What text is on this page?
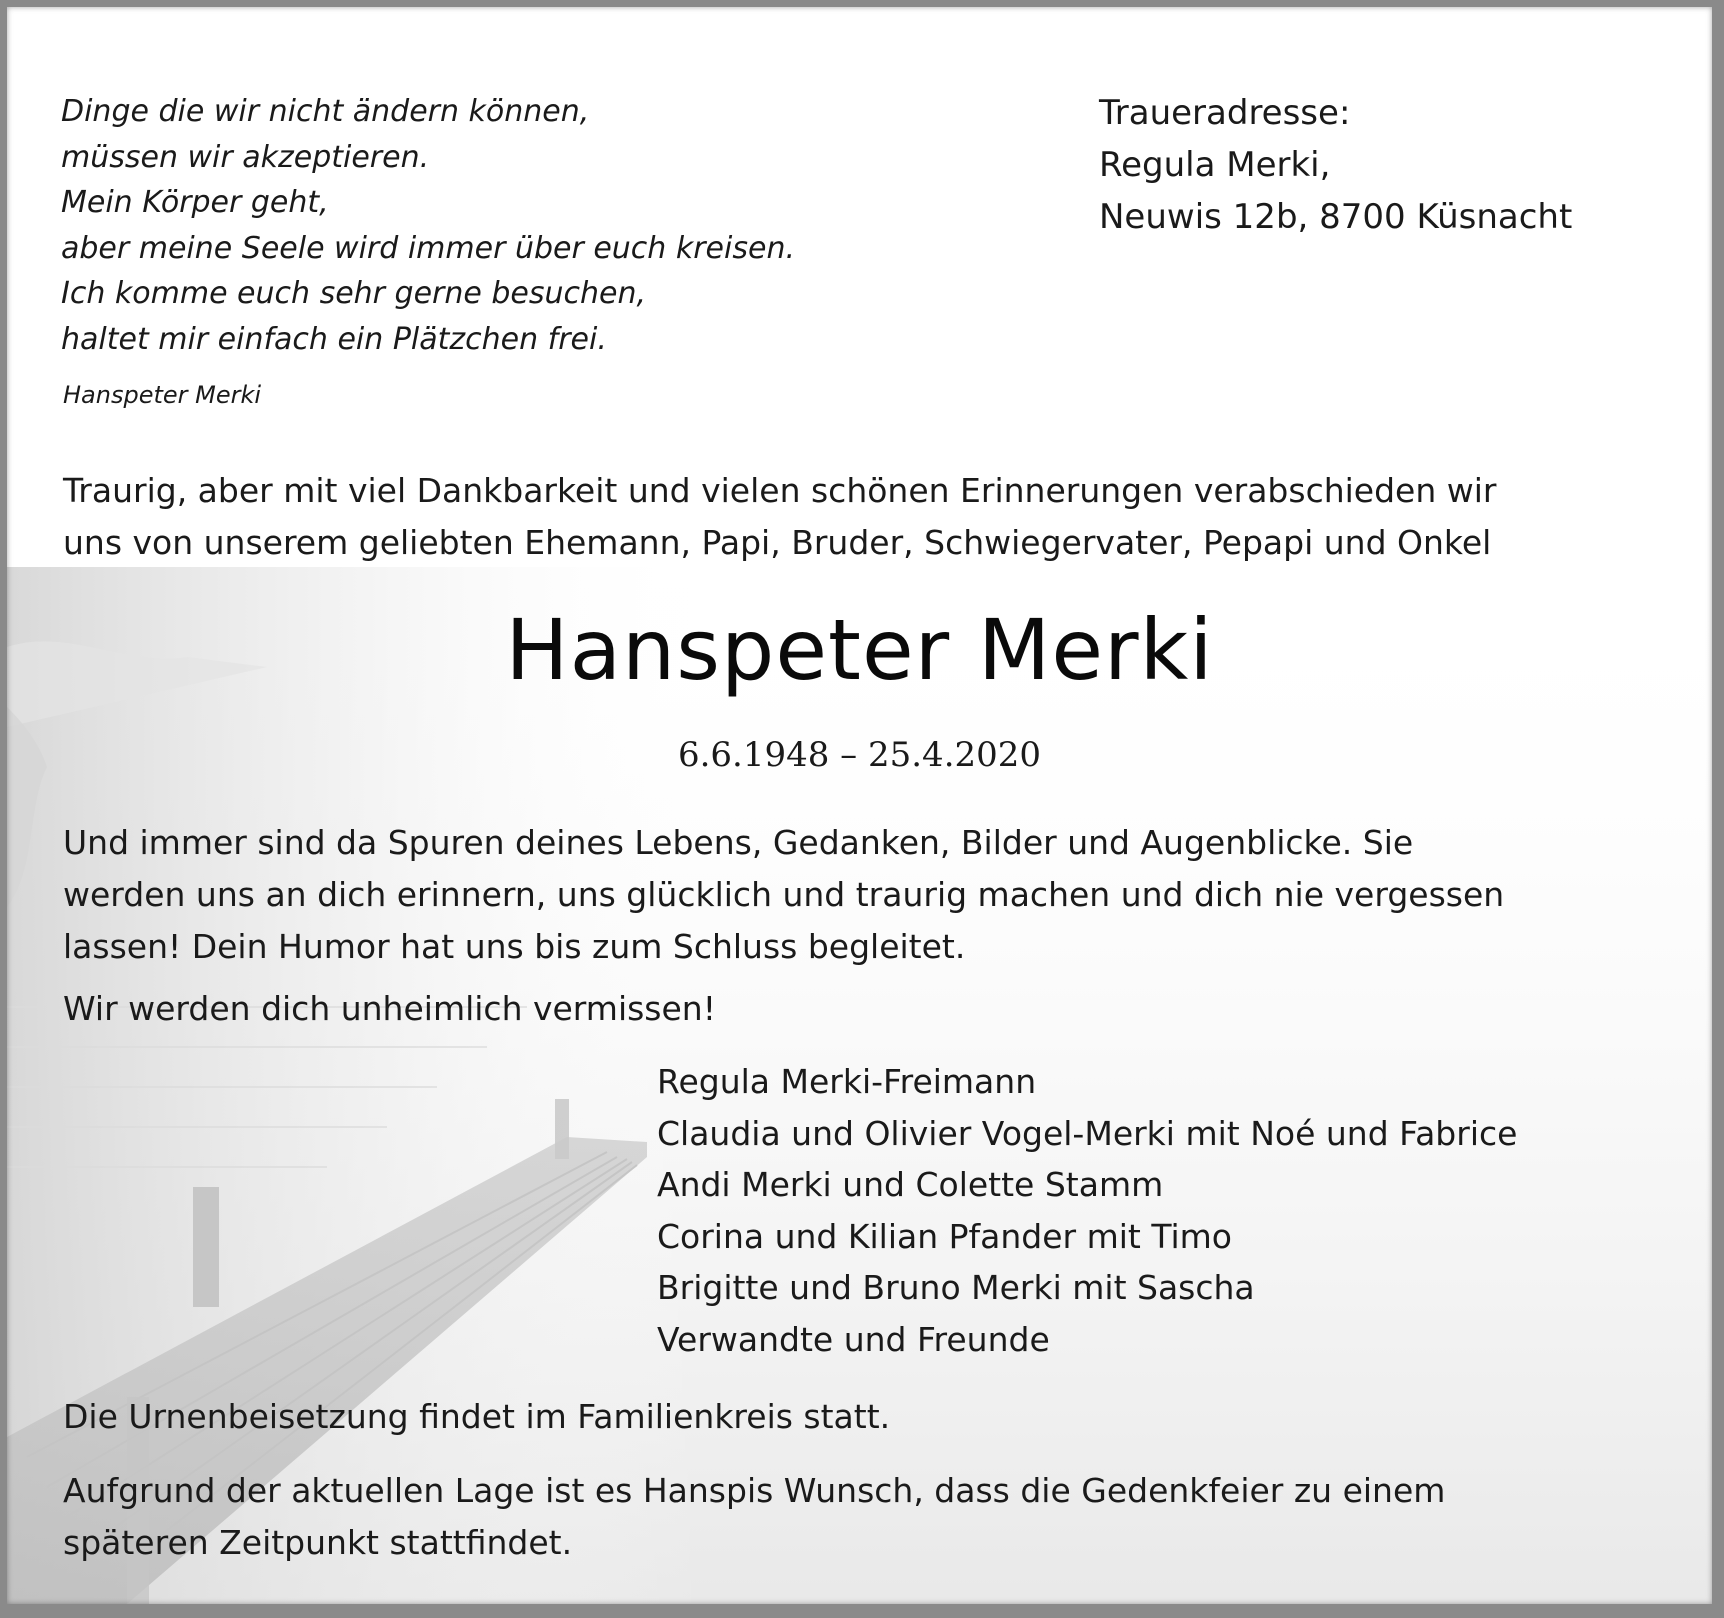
Dinge die wir nicht ändern können,
müssen wir akzeptieren.
Mein Körper geht,
aber meine Seele wird immer über euch kreisen.
Ich komme euch sehr gerne besuchen,
haltet mir einfach ein Plätzchen frei.
Hanspeter Merki
Traueradresse:
Regula Merki,
Neuwis 12b, 8700 Küsnacht
Traurig, aber mit viel Dankbarkeit und vielen schönen Erinnerungen verabschieden wir
uns von unserem geliebten Ehemann, Papi, Bruder, Schwiegervater, Pepapi und Onkel
Hanspeter Merki
6.6.1948 – 25.4.2020
Und immer sind da Spuren deines Lebens, Gedanken, Bilder und Augenblicke. Sie
werden uns an dich erinnern, uns glücklich und traurig machen und dich nie vergessen
lassen! Dein Humor hat uns bis zum Schluss begleitet.
Wir werden dich unheimlich vermissen!
Regula Merki-Freimann
Claudia und Olivier Vogel-Merki mit Noé und Fabrice
Andi Merki und Colette Stamm
Corina und Kilian Pfander mit Timo
Brigitte und Bruno Merki mit Sascha
Verwandte und Freunde
Die Urnenbeisetzung findet im Familienkreis statt.
Aufgrund der aktuellen Lage ist es Hanspis Wunsch, dass die Gedenkfeier zu einem
späteren Zeitpunkt stattfindet.
